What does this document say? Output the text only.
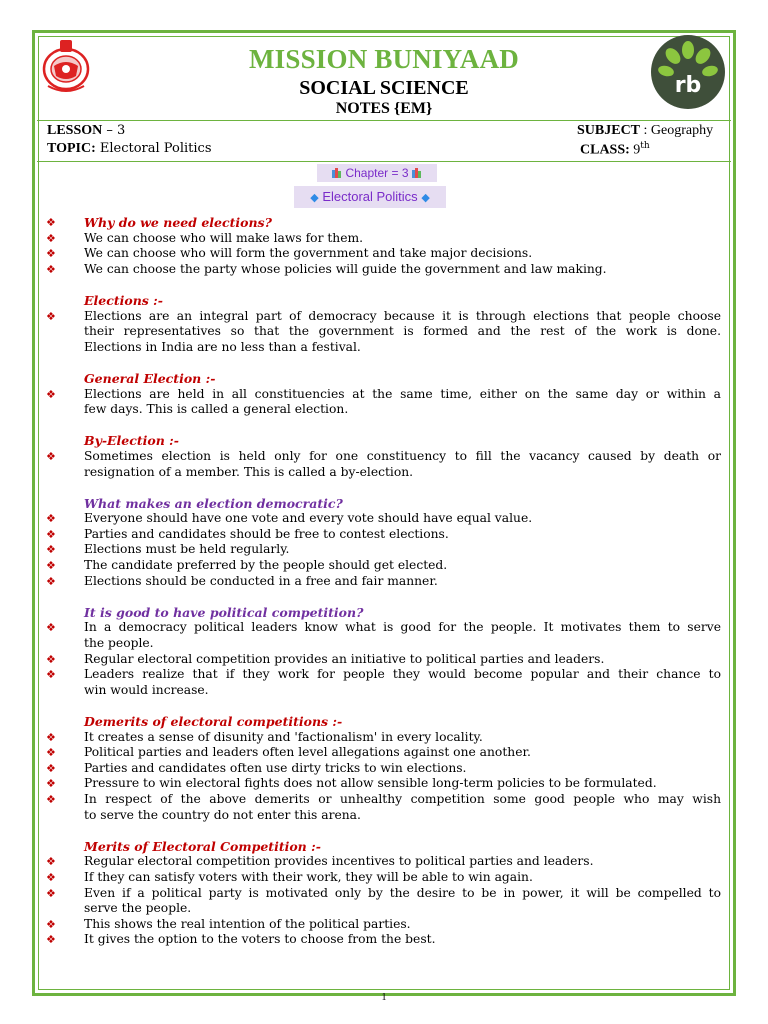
MISSION BUNIYAAD
SOCIAL SCIENCE
NOTES {EM}
rb
LESSON – 3	SUBJECT : Geography
TOPIC: Electoral Politics	CLASS: 9th
Chapter = 3
◆ Electoral Politics ◆
❖ Why do we need elections?
❖ We can choose who will make laws for them.
❖ We can choose who will form the government and take major decisions.
❖ We can choose the party whose policies will guide the government and law making.
Elections :-
❖ Elections are an integral part of democracy because it is through elections that people choose
their representatives so that the government is formed and the rest of the work is done.
Elections in India are no less than a festival.
General Election :-
❖ Elections are held in all constituencies at the same time, either on the same day or within a
few days. This is called a general election.
By-Election :-
❖ Sometimes election is held only for one constituency to fill the vacancy caused by death or
resignation of a member. This is called a by-election.
What makes an election democratic?
❖ Everyone should have one vote and every vote should have equal value.
❖ Parties and candidates should be free to contest elections.
❖ Elections must be held regularly.
❖ The candidate preferred by the people should get elected.
❖ Elections should be conducted in a free and fair manner.
It is good to have political competition?
❖ In a democracy political leaders know what is good for the people. It motivates them to serve
the people.
❖ Regular electoral competition provides an initiative to political parties and leaders.
❖ Leaders realize that if they work for people they would become popular and their chance to
win would increase.
Demerits of electoral competitions :-
❖ It creates a sense of disunity and 'factionalism' in every locality.
❖ Political parties and leaders often level allegations against one another.
❖ Parties and candidates often use dirty tricks to win elections.
❖ Pressure to win electoral fights does not allow sensible long-term policies to be formulated.
❖ In respect of the above demerits or unhealthy competition some good people who may wish
to serve the country do not enter this arena.
Merits of Electoral Competition :-
❖ Regular electoral competition provides incentives to political parties and leaders.
❖ If they can satisfy voters with their work, they will be able to win again.
❖ Even if a political party is motivated only by the desire to be in power, it will be compelled to
serve the people.
❖ This shows the real intention of the political parties.
❖ It gives the option to the voters to choose from the best.
1
